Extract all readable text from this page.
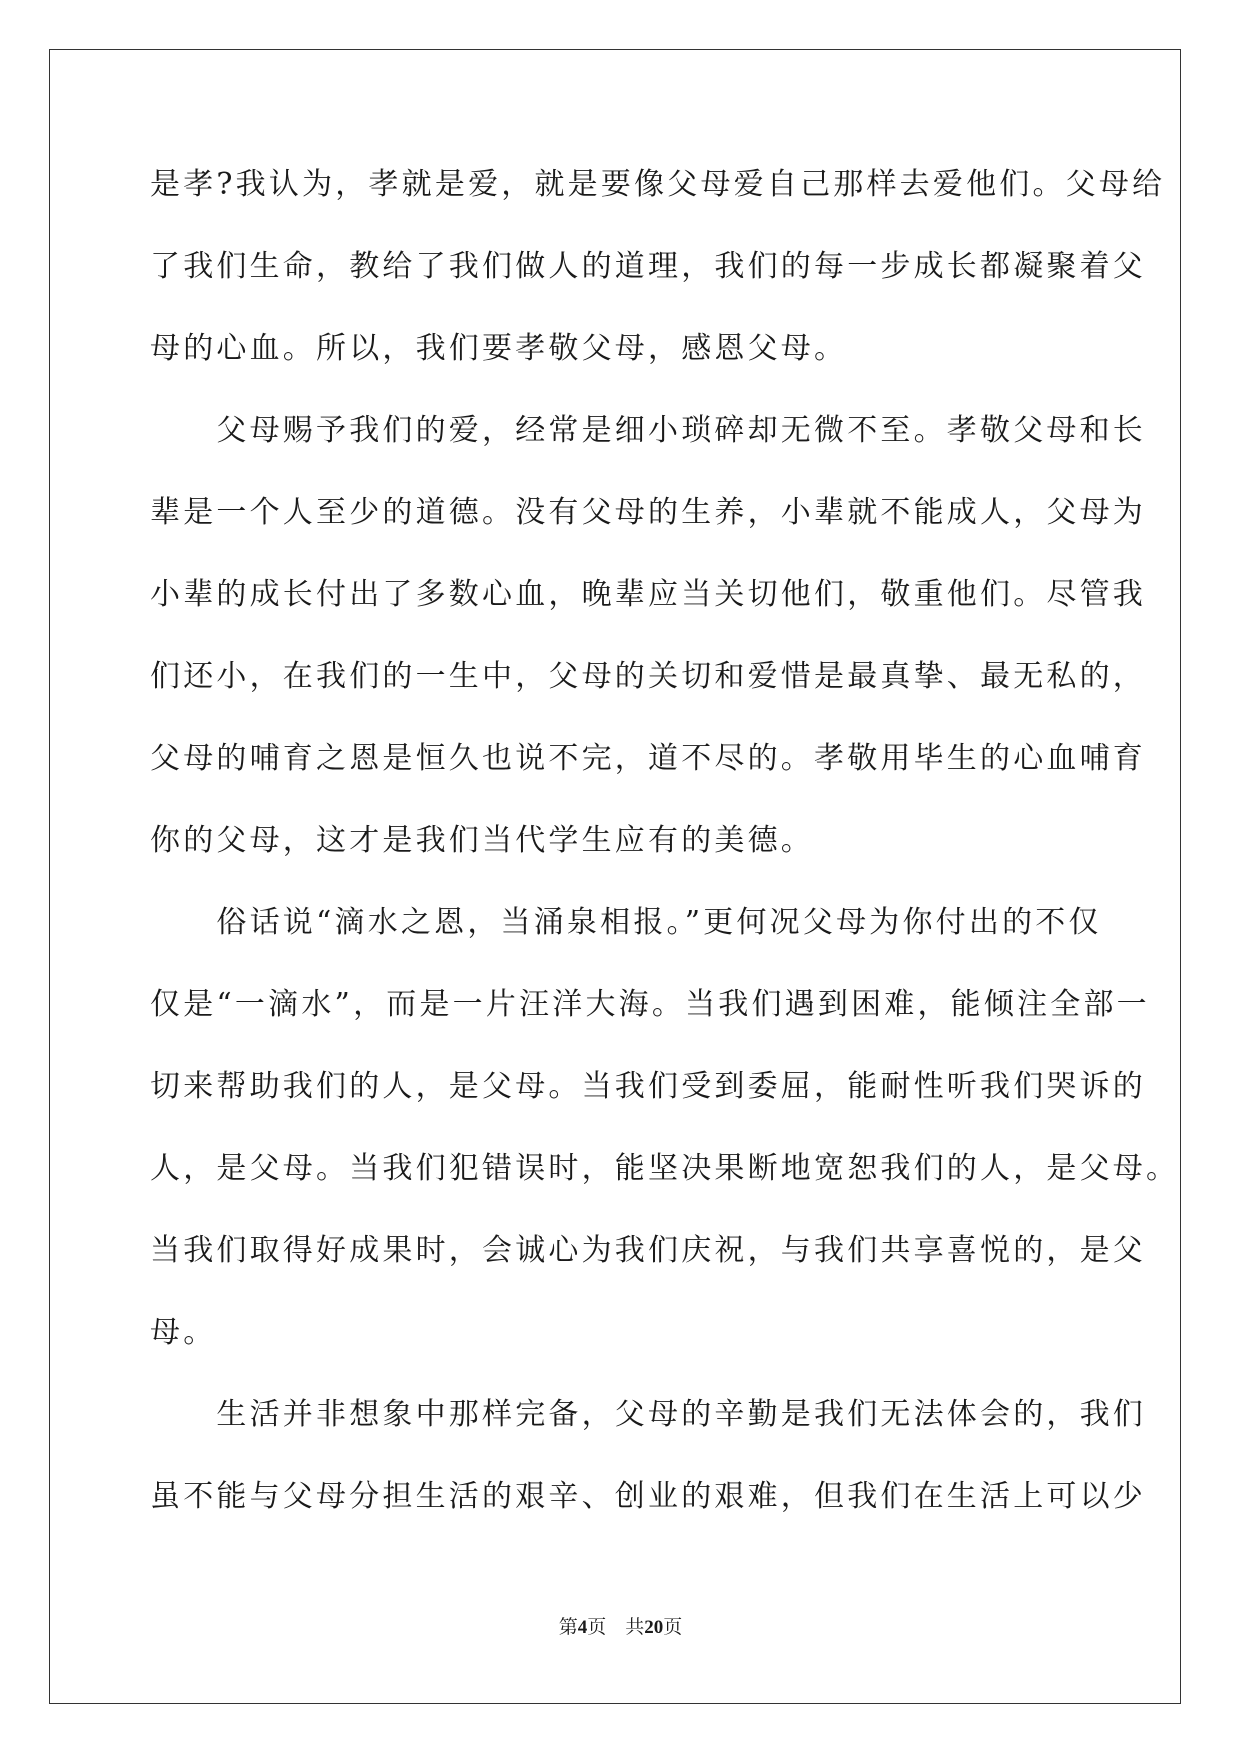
是孝?我认为，孝就是爱，就是要像父母爱自己那样去爱他们。父母给
了我们生命，教给了我们做人的道理，我们的每一步成长都凝聚着父
母的心血。所以，我们要孝敬父母，感恩父母。
　　父母赐予我们的爱，经常是细小琐碎却无微不至。孝敬父母和长
辈是一个人至少的道德。没有父母的生养，小辈就不能成人，父母为
小辈的成长付出了多数心血，晚辈应当关切他们，敬重他们。尽管我
们还小，在我们的一生中，父母的关切和爱惜是最真挚、最无私的，
父母的哺育之恩是恒久也说不完，道不尽的。孝敬用毕生的心血哺育
你的父母，这才是我们当代学生应有的美德。
　　俗话说“滴水之恩，当涌泉相报。”更何况父母为你付出的不仅
仅是“一滴水”，而是一片汪洋大海。当我们遇到困难，能倾注全部一
切来帮助我们的人，是父母。当我们受到委屈，能耐性听我们哭诉的
人，是父母。当我们犯错误时，能坚决果断地宽恕我们的人，是父母。
当我们取得好成果时，会诚心为我们庆祝，与我们共享喜悦的，是父
母。
　　生活并非想象中那样完备，父母的辛勤是我们无法体会的，我们
虽不能与父母分担生活的艰辛、创业的艰难，但我们在生活上可以少
第4页　共20页
